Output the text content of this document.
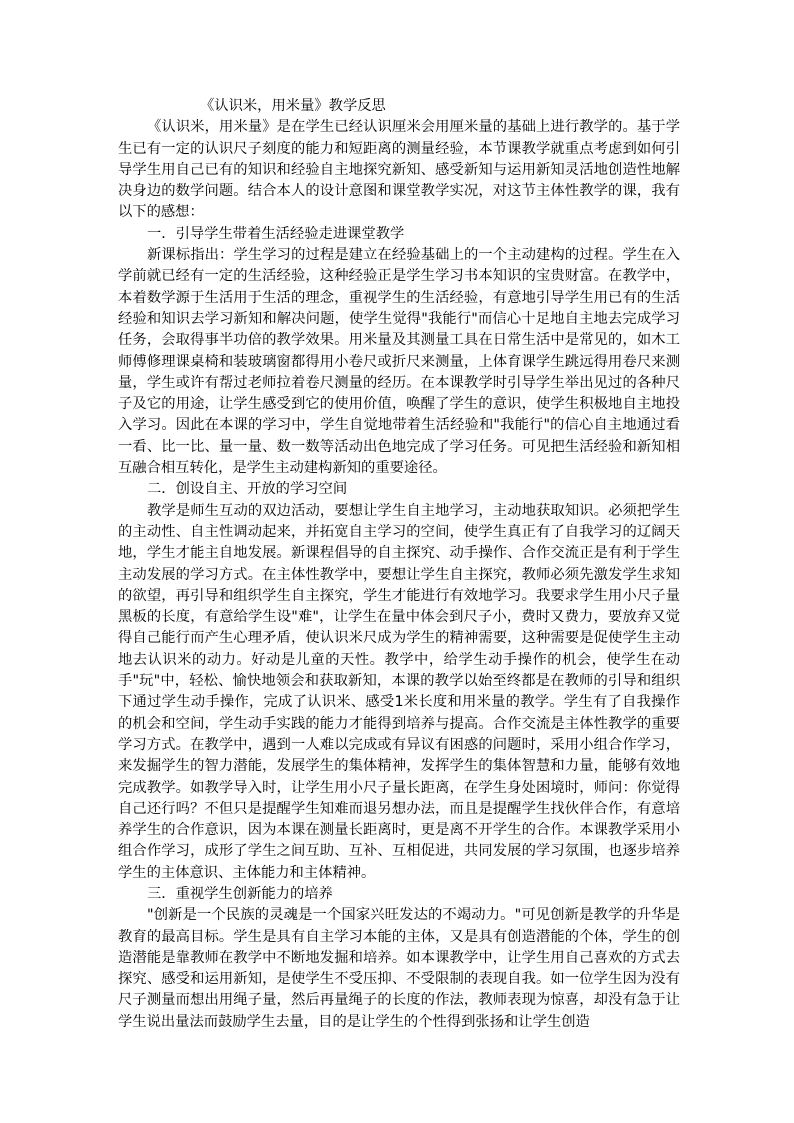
《认识米，用米量》教学反思

《认识米，用米量》是在学生已经认识厘米会用厘米量的基础上进行教学的。基于学生已有一定的认识尺子刻度的能力和短距离的测量经验，本节课教学就重点考虑到如何引导学生用自己已有的知识和经验自主地探究新知、感受新知与运用新知灵活地创造性地解决身边的数学问题。结合本人的设计意图和课堂教学实况，对这节主体性教学的课，我有以下的感想：

一．引导学生带着生活经验走进课堂教学

新课标指出：学生学习的过程是建立在经验基础上的一个主动建构的过程。学生在入学前就已经有一定的生活经验，这种经验正是学生学习书本知识的宝贵财富。在教学中，本着数学源于生活用于生活的理念，重视学生的生活经验，有意地引导学生用已有的生活经验和知识去学习新知和解决问题，使学生觉得"我能行"而信心十足地自主地去完成学习任务，会取得事半功倍的教学效果。用米量及其测量工具在日常生活中是常见的，如木工师傅修理课桌椅和装玻璃窗都得用小卷尺或折尺来测量，上体育课学生跳远得用卷尺来测量，学生或许有帮过老师拉着卷尺测量的经历。在本课教学时引导学生举出见过的各种尺子及它的用途，让学生感受到它的使用价值，唤醒了学生的意识，使学生积极地自主地投入学习。因此在本课的学习中，学生自觉地带着生活经验和"我能行"的信心自主地通过看一看、比一比、量一量、数一数等活动出色地完成了学习任务。可见把生活经验和新知相互融合相互转化，是学生主动建构新知的重要途径。

二．创设自主、开放的学习空间

教学是师生互动的双边活动，要想让学生自主地学习，主动地获取知识。必须把学生的主动性、自主性调动起来，并拓宽自主学习的空间，使学生真正有了自我学习的辽阔天地，学生才能主自地发展。新课程倡导的自主探究、动手操作、合作交流正是有利于学生主动发展的学习方式。在主体性教学中，要想让学生自主探究，教师必须先激发学生求知的欲望，再引导和组织学生自主探究，学生才能进行有效地学习。我要求学生用小尺子量黑板的长度，有意给学生设"难"，让学生在量中体会到尺子小，费时又费力，要放弃又觉得自己能行而产生心理矛盾，使认识米尺成为学生的精神需要，这种需要是促使学生主动地去认识米的动力。好动是儿童的天性。教学中，给学生动手操作的机会，使学生在动手"玩"中，轻松、愉快地领会和获取新知，本课的教学以始至终都是在教师的引导和组织下通过学生动手操作，完成了认识米、感受1米长度和用米量的教学。学生有了自我操作的机会和空间，学生动手实践的能力才能得到培养与提高。合作交流是主体性教学的重要学习方式。在教学中，遇到一人难以完成或有异议有困惑的问题时，采用小组合作学习，来发掘学生的智力潜能，发展学生的集体精神，发挥学生的集体智慧和力量，能够有效地完成教学。如教学导入时，让学生用小尺子量长距离，在学生身处困境时，师问：你觉得自己还行吗？不但只是提醒学生知难而退另想办法，而且是提醒学生找伙伴合作，有意培养学生的合作意识，因为本课在测量长距离时，更是离不开学生的合作。本课教学采用小组合作学习，成形了学生之间互助、互补、互相促进，共同发展的学习氛围，也逐步培养学生的主体意识、主体能力和主体精神。

三．重视学生创新能力的培养

"创新是一个民族的灵魂是一个国家兴旺发达的不竭动力。"可见创新是教学的升华是教育的最高目标。学生是具有自主学习本能的主体，又是具有创造潜能的个体，学生的创造潜能是靠教师在教学中不断地发掘和培养。如本课教学中，让学生用自己喜欢的方式去探究、感受和运用新知，是使学生不受压抑、不受限制的表现自我。如一位学生因为没有尺子测量而想出用绳子量，然后再量绳子的长度的作法，教师表现为惊喜，却没有急于让学生说出量法而鼓励学生去量，目的是让学生的个性得到张扬和让学生创造
